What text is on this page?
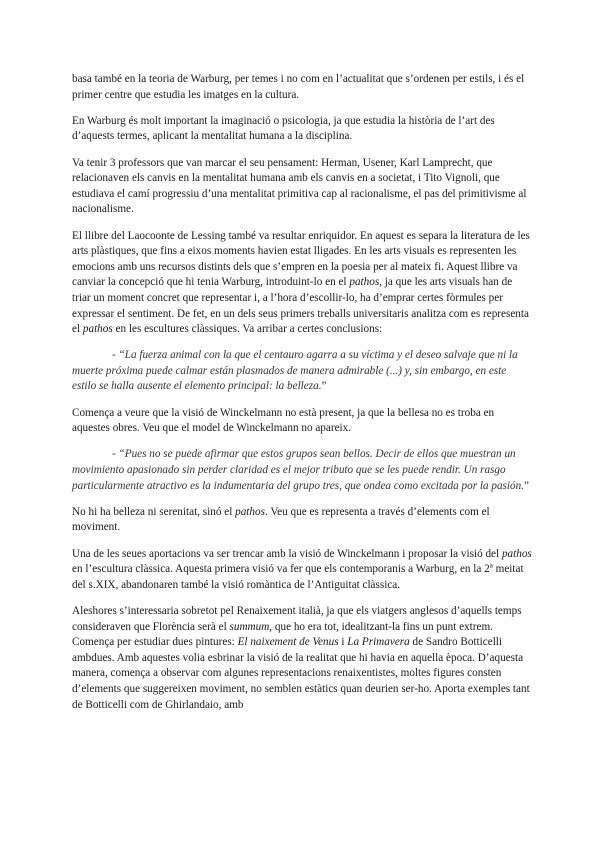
basa també en la teoria de Warburg, per temes i no com en l’actualitat que s’ordenen per estils, i és el primer centre que estudia les imatges en la cultura.

En Warburg és molt important la imaginació o psicologia, ja que estudia la història de l’art des d’aquests termes, aplicant la mentalitat humana a la disciplina.

Va tenir 3 professors que van marcar el seu pensament: Herman, Usener, Karl Lamprecht, que relacionaven els canvis en la mentalitat humana amb els canvis en a societat, i Tito Vignoli, que estudiava el camí progressiu d’una mentalitat primitiva cap al racionalisme, el pas del primitivisme al nacionalisme.

El llibre del Laocoonte de Lessing també va resultar enriquidor. En aquest es separa la literatura de les arts plàstiques, que fins a eixos moments havien estat lligades. En les arts visuals es representen les emocions amb uns recursos distints dels que s’empren en la poesia per al mateix fi. Aquest llibre va canviar la concepció que hi tenia Warburg, introduint-lo en el pathos, ja que les arts visuals han de triar un moment concret que representar i, a l’hora d’escollir-lo, ha d’emprar certes fòrmules per expressar el sentiment. De fet, en un dels seus primers treballs universitaris analitza com es representa el pathos en les escultures clàssiques. Va arribar a certes conclusions:

- “La fuerza animal con la que el centauro agarra a su víctima y el deseo salvaje que ni la muerte próxima puede calmar están plasmados de manera admirable (...) y, sin embargo, en este estilo se halla ausente el elemento principal: la belleza.”

Comença a veure que la visió de Winckelmann no està present, ja que la bellesa no es troba en aquestes obres. Veu que el model de Winckelmann no apareix.

- “Pues no se puede afirmar que estos grupos sean bellos. Decir de ellos que muestran un movimiento apasionado sin perder claridad es el mejor tributo que se les puede rendir. Un rasgo particularmente atractivo es la indumentaria del grupo tres, que ondea como excitada por la pasión.”

No hi ha belleza ni serenitat, sinó el pathos. Veu que es representa a través d’elements com el moviment.

Una de les seues aportacions va ser trencar amb la visió de Winckelmann i proposar la visió del pathos en l’escultura clàssica. Aquesta primera visió va fer que els contemporanis a Warburg, en la 2ª meitat del s.XIX, abandonaren també la visió romàntica de l’Antiguitat clàssica.

Aleshores s’interessaria sobretot pel Renaixement italià, ja que els viatgers anglesos d’aquells temps consideraven que Florència serà el summum, que ho era tot, idealitzant-la fins un punt extrem. Comença per estudiar dues pintures: El naixement de Venus i La Primavera de Sandro Botticelli ambdues. Amb aquestes volia esbrinar la visió de la realitat que hi havia en aquella època. D’aquesta manera, comença a observar com algunes representacions renaixentistes, moltes figures consten d’elements que suggereixen moviment, no semblen estàtics quan deurien ser-ho. Aporta exemples tant de Botticelli com de Ghirlandaio, amb
